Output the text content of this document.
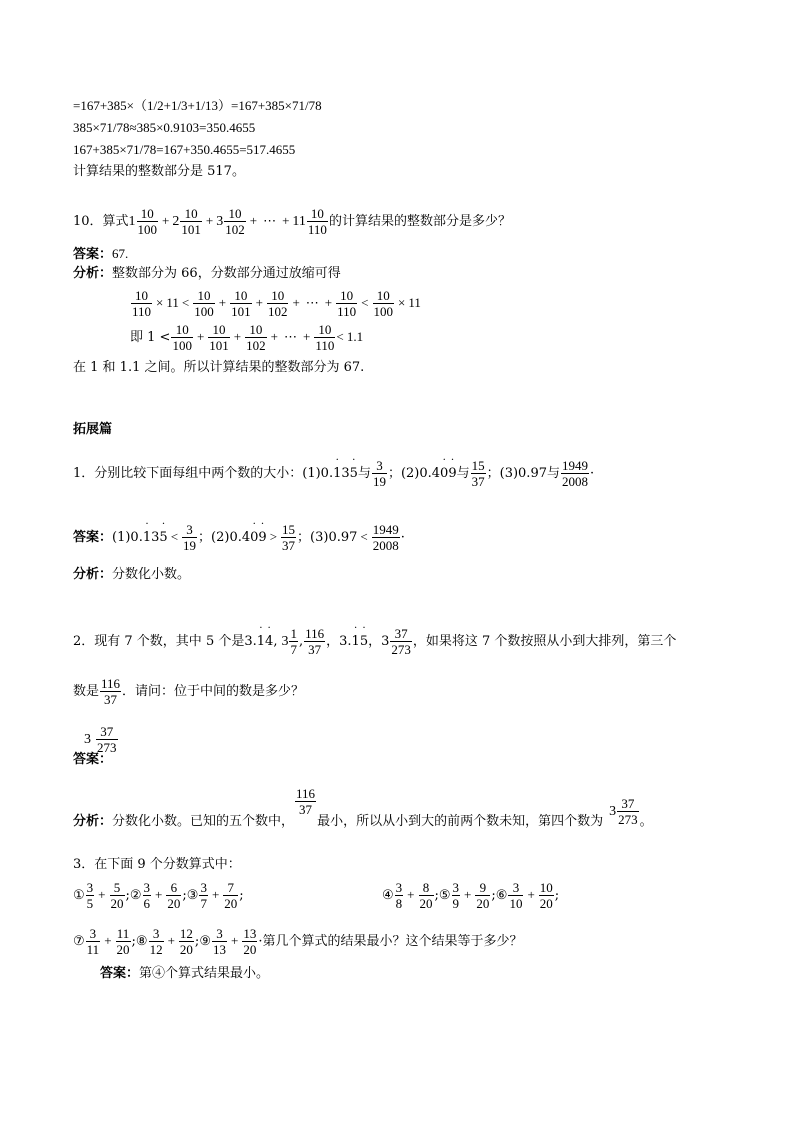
=167+385×（1/2+1/3+1/13）=167+385×71/78
385×71/78≈385×0.9103=350.4655
167+385×71/78=167+350.4655=517.4655
计算结果的整数部分是 517。
10．算式$1 \frac{10}{100} + 2 \frac{10}{101} + 3 \frac{10}{102}$ + ⋯ + $11 \frac{10}{110}$ 的计算结果的整数部分是多少？
答案：67.
分析：整数部分为 66，分数部分通过放缩可得
$\frac{10}{110} \times 11 < \frac{10}{100} + \frac{10}{101} + \frac{10}{102}$ + ⋯ + $\frac{10}{110} < \frac{10}{100} \times 11$
即 $1 < \frac{10}{100} + \frac{10}{101} + \frac{10}{102}$ + ⋯ + $\frac{10}{110} < 1.1$
在 1 和 1.1 之间。所以计算结果的整数部分为 67.
拓展篇
1．分别比较下面每组中两个数的大小：(1)0.˙ 13˙ 5与 $\frac{3}{19}$ ；(2)0.4˙ 0˙ 9与 $\frac{15}{37}$ ；(3)0.97与 $\frac{1949}{2008}$ ·
答案：(1)0.˙ 13˙ $5 < \frac{3}{19}$ ；(2)0.4˙ 0˙ $9 > \frac{15}{37}$ ；$(3)0.97 < \frac{1949}{2008}$ ·
分析：分数化小数。
2．现有 7 个数，其中 5 个是3.˙ 1˙ 4, $3 \frac{1}{7}$ , $\frac{116}{37}$ ，3.˙ 1˙ 5，$3 \frac{37}{273}$ ，如果将这 7 个数按照从小到大排列，第三个
数是 $\frac{116}{37}$ ．请问：位于中间的数是多少？
答案：$3 \frac{37}{273}$
分析：分数化小数。已知的五个数中，
$\frac{116}{37}$
最小，所以从小到大的前两个数未知，第四个数为$3 \frac{37}{273}$ 。
3．在下面 9 个分数算式中：
① $\frac{3}{5} + \frac{5}{20}$ ;② $\frac{3}{6} + \frac{6}{20}$ ;③ $\frac{3}{7} + \frac{7}{20}$ ;	④ $\frac{3}{8} + \frac{8}{20}$ ;⑤ $\frac{3}{9} + \frac{9}{20}$ ;⑥ $\frac{3}{10} + \frac{10}{20}$ ;
⑦ $\frac{3}{11} + \frac{11}{20}$ ;⑧ $\frac{3}{12} + \frac{12}{20}$ ;⑨ $\frac{3}{13} + \frac{13}{20}$ ·第几个算式的结果最小？这个结果等于多少？
答案：第④个算式结果最小。
